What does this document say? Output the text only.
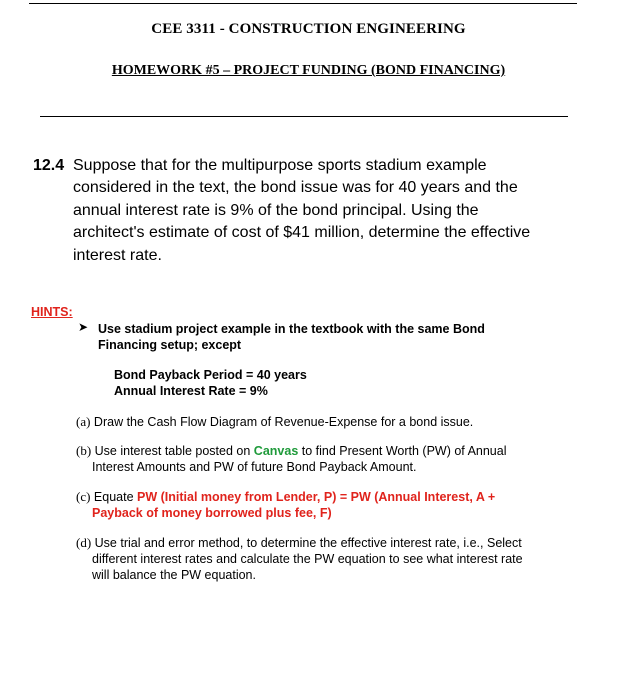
CEE 3311 - CONSTRUCTION ENGINEERING
HOMEWORK #5 – PROJECT FUNDING (BOND FINANCING)
12.4 Suppose that for the multipurpose sports stadium example
considered in the text, the bond issue was for 40 years and the
annual interest rate is 9% of the bond principal. Using the
architect's estimate of cost of $41 million, determine the effective
interest rate.
HINTS:
➤ Use stadium project example in the textbook with the same Bond
Financing setup; except
Bond Payback Period = 40 years
Annual Interest Rate = 9%
(a) Draw the Cash Flow Diagram of Revenue-Expense for a bond issue.
(b) Use interest table posted on Canvas to find Present Worth (PW) of Annual
Interest Amounts and PW of future Bond Payback Amount.
(c) Equate PW (Initial money from Lender, P) = PW (Annual Interest, A +
Payback of money borrowed plus fee, F)
(d) Use trial and error method, to determine the effective interest rate, i.e., Select
different interest rates and calculate the PW equation to see what interest rate
will balance the PW equation.
